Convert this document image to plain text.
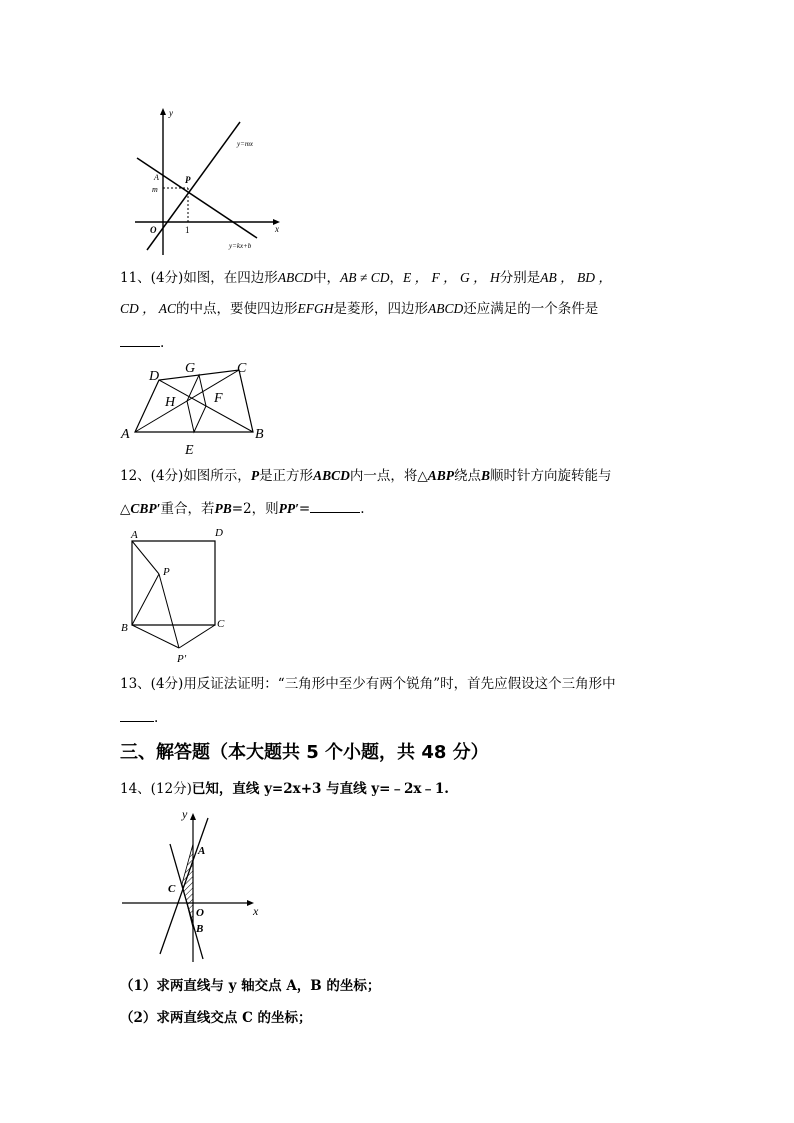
y
x
O
A
m
P
1
y=mx
y=kx+b
11、(4分)如图，在四边形ABCD中，AB ≠ CD，E ， F ， G ， H分别是AB ， BD ，
CD ， AC的中点，要使四边形EFGH是菱形，四边形ABCD还应满足的一个条件是
.
A	B
C
D
E
F
G
H
12、(4分)如图所示，P是正方形ABCD内一点，将△ABP绕点B顺时针方向旋转能与
△CBP′重合，若PB=2，则PP′=	.
A	D
P
B	C
P′
13、(4分)用反证法证明：“三角形中至少有两个锐角”时，首先应假设这个三角形中
.
三、解答题（本大题共 5 个小题，共 48 分）
14、(12分)已知，直线 y=2x+3 与直线 y=﹣2x﹣1.
y
x
A
C
O
B
（1）求两直线与 y 轴交点 A，B 的坐标；
（2）求两直线交点 C 的坐标；
